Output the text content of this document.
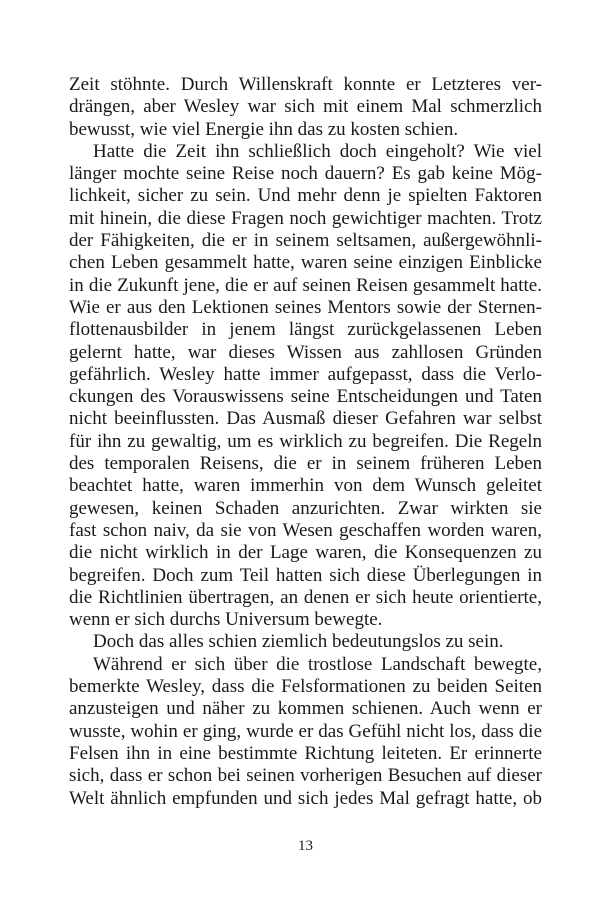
Zeit stöhnte. Durch Willenskraft konnte er Letzteres ver-
drängen, aber Wesley war sich mit einem Mal schmerzlich
bewusst, wie viel Energie ihn das zu kosten schien.
Hatte die Zeit ihn schließlich doch eingeholt? Wie viel
länger mochte seine Reise noch dauern? Es gab keine Mög-
lichkeit, sicher zu sein. Und mehr denn je spielten Faktoren
mit hinein, die diese Fragen noch gewichtiger machten. Trotz
der Fähigkeiten, die er in seinem seltsamen, außergewöhnli-
chen Leben gesammelt hatte, waren seine einzigen Einblicke
in die Zukunft jene, die er auf seinen Reisen gesammelt hatte.
Wie er aus den Lektionen seines Mentors sowie der Sternen-
flottenausbilder in jenem längst zurückgelassenen Leben
gelernt hatte, war dieses Wissen aus zahllosen Gründen
gefährlich. Wesley hatte immer aufgepasst, dass die Verlo-
ckungen des Vorauswissens seine Entscheidungen und Taten
nicht beeinflussten. Das Ausmaß dieser Gefahren war selbst
für ihn zu gewaltig, um es wirklich zu begreifen. Die Regeln
des temporalen Reisens, die er in seinem früheren Leben
beachtet hatte, waren immerhin von dem Wunsch geleitet
gewesen, keinen Schaden anzurichten. Zwar wirkten sie
fast schon naiv, da sie von Wesen geschaffen worden waren,
die nicht wirklich in der Lage waren, die Konsequenzen zu
begreifen. Doch zum Teil hatten sich diese Überlegungen in
die Richtlinien übertragen, an denen er sich heute orientierte,
wenn er sich durchs Universum bewegte.
Doch das alles schien ziemlich bedeutungslos zu sein.
Während er sich über die trostlose Landschaft bewegte,
bemerkte Wesley, dass die Felsformationen zu beiden Seiten
anzusteigen und näher zu kommen schienen. Auch wenn er
wusste, wohin er ging, wurde er das Gefühl nicht los, dass die
Felsen ihn in eine bestimmte Richtung leiteten. Er erinnerte
sich, dass er schon bei seinen vorherigen Besuchen auf dieser
Welt ähnlich empfunden und sich jedes Mal gefragt hatte, ob
13
